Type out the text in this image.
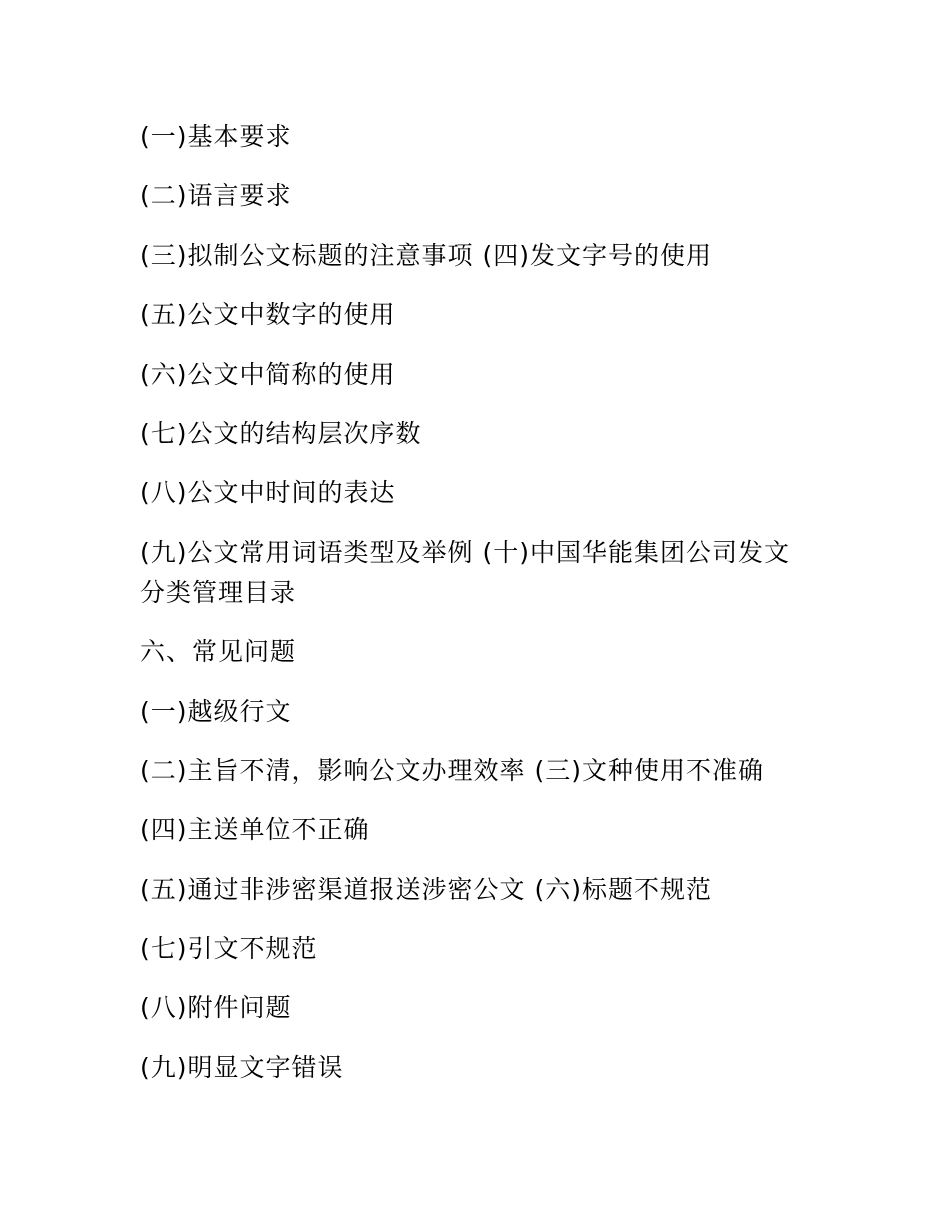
(一)基本要求
(二)语言要求
(三)拟制公文标题的注意事项 (四)发文字号的使用
(五)公文中数字的使用
(六)公文中简称的使用
(七)公文的结构层次序数
(八)公文中时间的表达
(九)公文常用词语类型及举例 (十)中国华能集团公司发文分类管理目录
六、常见问题
(一)越级行文
(二)主旨不清，影响公文办理效率 (三)文种使用不准确
(四)主送单位不正确
(五)通过非涉密渠道报送涉密公文 (六)标题不规范
(七)引文不规范
(八)附件问题
(九)明显文字错误
